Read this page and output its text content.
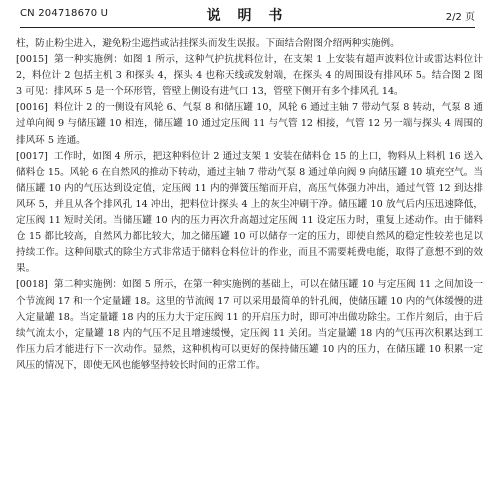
CN 204718670 U	说 明 书	2/2 页

柱，防止粉尘进入，避免粉尘遮挡或沾挂探头而发生误报。下面结合附图介绍两种实施例。

[0015] 第一种实施例：如图 1 所示，这种气护抗扰料位计，在支架 1 上安装有超声波料位计或雷达料位计 2，料位计 2 包括主机 3 和探头 4，探头 4 也称天线或发射端，在探头 4 的周围设有排风环 5。结合图 2 图 3 可见：排风环 5 是一个环形管，管壁上侧设有进气口 13，管壁下侧开有多个排风孔 14。

[0016] 料位计 2 的一侧设有风轮 6、气泵 8 和储压罐 10，风轮 6 通过主轴 7 带动气泵 8 转动，气泵 8 通过单向阀 9 与储压罐 10 相连，储压罐 10 通过定压阀 11 与气管 12 相接，气管 12 另一端与探头 4 周围的排风环 5 连通。

[0017] 工作时，如图 4 所示，把这种料位计 2 通过支架 1 安装在储料仓 15 的上口，物料从上料机 16 送入储料仓 15。风轮 6 在自然风的推动下转动，通过主轴 7 带动气泵 8 通过单向阀 9 向储压罐 10 填充空气。当储压罐 10 内的气压达到设定值，定压阀 11 内的弹簧压缩而开启，高压气体强力冲出，通过气管 12 到达排风环 5，并且从各个排风孔 14 冲出，把料位计探头 4 上的灰尘冲刷干净。储压罐 10 放气后内压迅速降低，定压阀 11 短时关闭。当储压罐 10 内的压力再次升高超过定压阀 11 设定压力时，重复上述动作。由于储料仓 15 都比较高，自然风力都比较大，加之储压罐 10 可以储存一定的压力，即使自然风的稳定性较差也足以持续工作。这种间歇式的除尘方式非常适于储料仓料位计的作业，而且不需要耗费电能，取得了意想不到的效果。

[0018] 第二种实施例：如图 5 所示，在第一种实施例的基础上，可以在储压罐 10 与定压阀 11 之间加设一个节流阀 17 和一个定量罐 18。这里的节流阀 17 可以采用最简单的针孔阀，使储压罐 10 内的气体缓慢的进入定量罐 18。当定量罐 18 内的压力大于定压阀 11 的开启压力时，即可冲出做功除尘。工作片刻后，由于后续气流太小，定量罐 18 内的气压不足且增速缓慢，定压阀 11 关闭。当定量罐 18 内的气压再次积累达到工作压力后才能进行下一次动作。显然，这种机构可以更好的保持储压罐 10 内的压力，在储压罐 10 积累一定风压的情况下，即使无风也能够坚持较长时间的正常工作。
